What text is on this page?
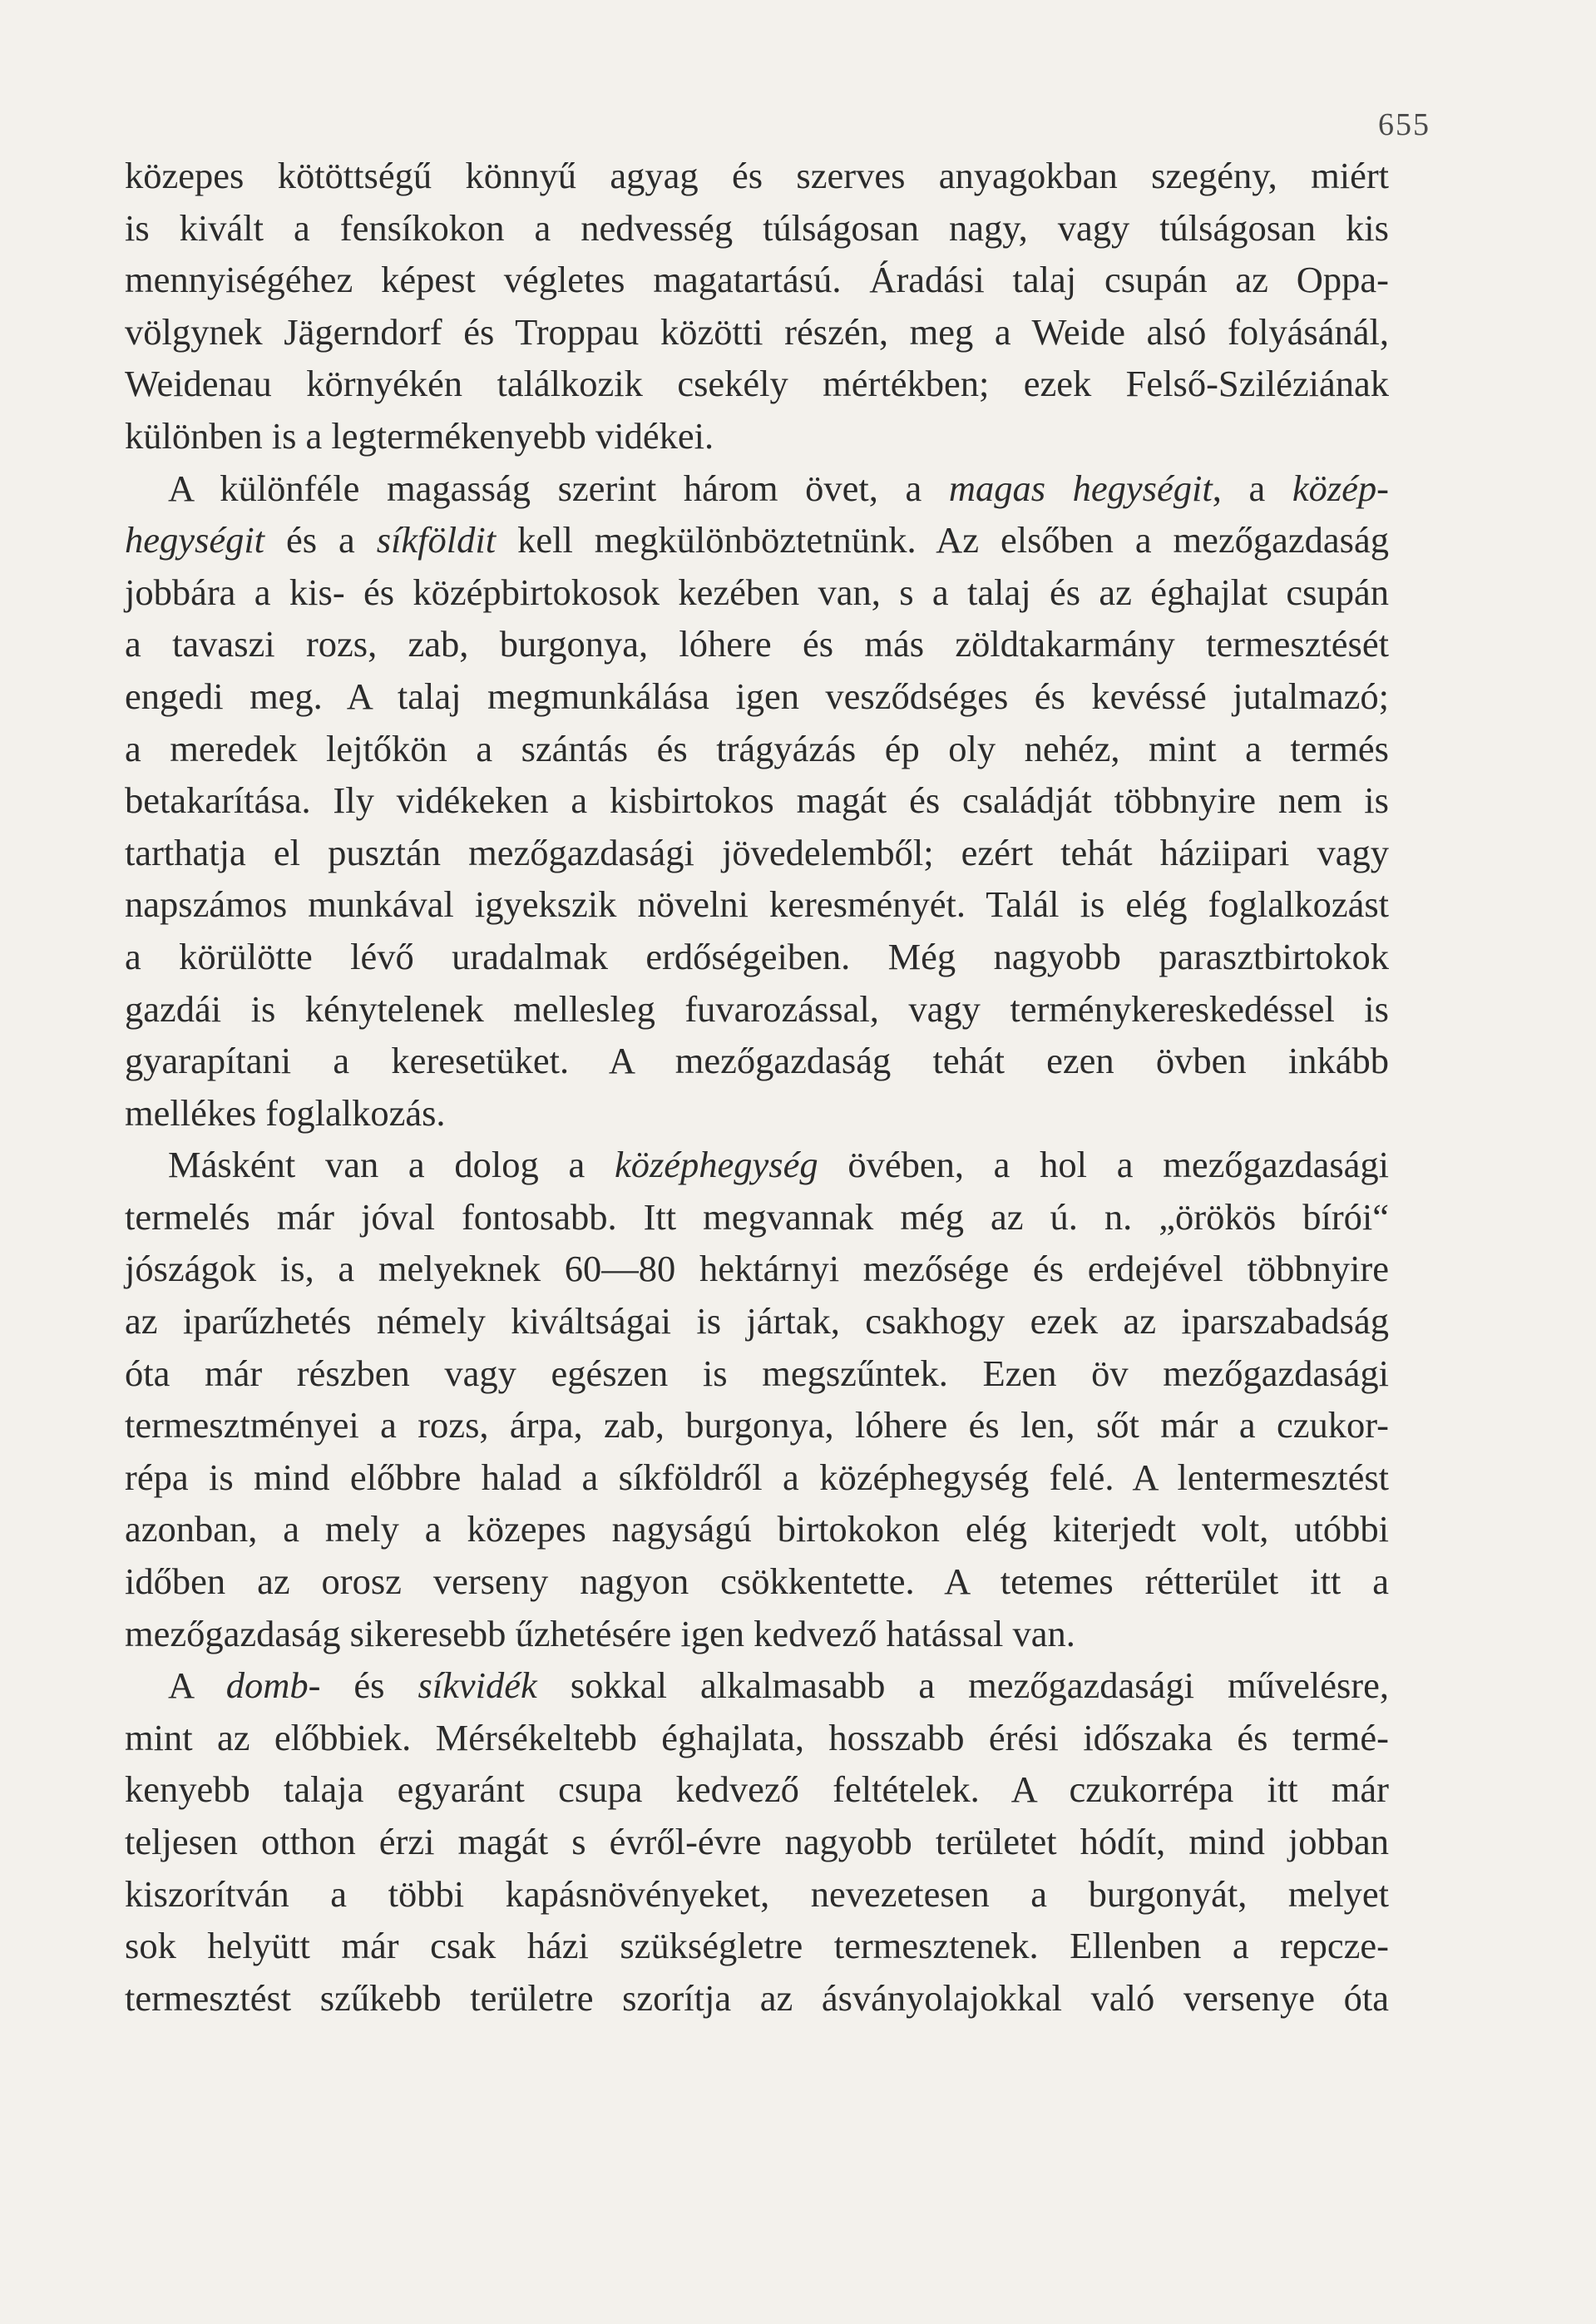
655
közepes kötöttségű könnyű agyag és szerves anyagokban szegény, miért
is kivált a fensíkokon a nedvesség túlságosan nagy, vagy túlságosan kis
mennyiségéhez képest végletes magatartású. Áradási talaj csupán az Oppa-
völgynek Jägerndorf és Troppau közötti részén, meg a Weide alsó folyásánál,
Weidenau környékén találkozik csekély mértékben; ezek Felső-Sziléziának
különben is a legtermékenyebb vidékei.
A különféle magasság szerint három övet, a magas hegységit, a közép-
hegységit és a síkföldit kell megkülönböztetnünk. Az elsőben a mezőgazdaság
jobbára a kis- és középbirtokosok kezében van, s a talaj és az éghajlat csupán
a tavaszi rozs, zab, burgonya, lóhere és más zöldtakarmány termesztését
engedi meg. A talaj megmunkálása igen vesződséges és kevéssé jutalmazó;
a meredek lejtőkön a szántás és trágyázás ép oly nehéz, mint a termés
betakarítása. Ily vidékeken a kisbirtokos magát és családját többnyire nem is
tarthatja el pusztán mezőgazdasági jövedelemből; ezért tehát háziipari vagy
napszámos munkával igyekszik növelni keresményét. Talál is elég foglalkozást
a körülötte lévő uradalmak erdőségeiben. Még nagyobb parasztbirtokok
gazdái is kénytelenek mellesleg fuvarozással, vagy terménykereskedéssel is
gyarapítani a keresetüket. A mezőgazdaság tehát ezen övben inkább
mellékes foglalkozás.
Másként van a dolog a középhegység övében, a hol a mezőgazdasági
termelés már jóval fontosabb. Itt megvannak még az ú. n. „örökös bírói“
jószágok is, a melyeknek 60—80 hektárnyi mezősége és erdejével többnyire
az iparűzhetés némely kiváltságai is jártak, csakhogy ezek az iparszabadság
óta már részben vagy egészen is megszűntek. Ezen öv mezőgazdasági
termesztményei a rozs, árpa, zab, burgonya, lóhere és len, sőt már a czukor-
répa is mind előbbre halad a síkföldről a középhegység felé. A lentermesztést
azonban, a mely a közepes nagyságú birtokokon elég kiterjedt volt, utóbbi
időben az orosz verseny nagyon csökkentette. A tetemes rétterület itt a
mezőgazdaság sikeresebb űzhetésére igen kedvező hatással van.
A domb- és síkvidék sokkal alkalmasabb a mezőgazdasági művelésre,
mint az előbbiek. Mérsékeltebb éghajlata, hosszabb érési időszaka és termé-
kenyebb talaja egyaránt csupa kedvező feltételek. A czukorrépa itt már
teljesen otthon érzi magát s évről-évre nagyobb területet hódít, mind jobban
kiszorítván a többi kapásnövényeket, nevezetesen a burgonyát, melyet
sok helyütt már csak házi szükségletre termesztenek. Ellenben a repcze-
termesztést szűkebb területre szorítja az ásványolajokkal való versenye óta
